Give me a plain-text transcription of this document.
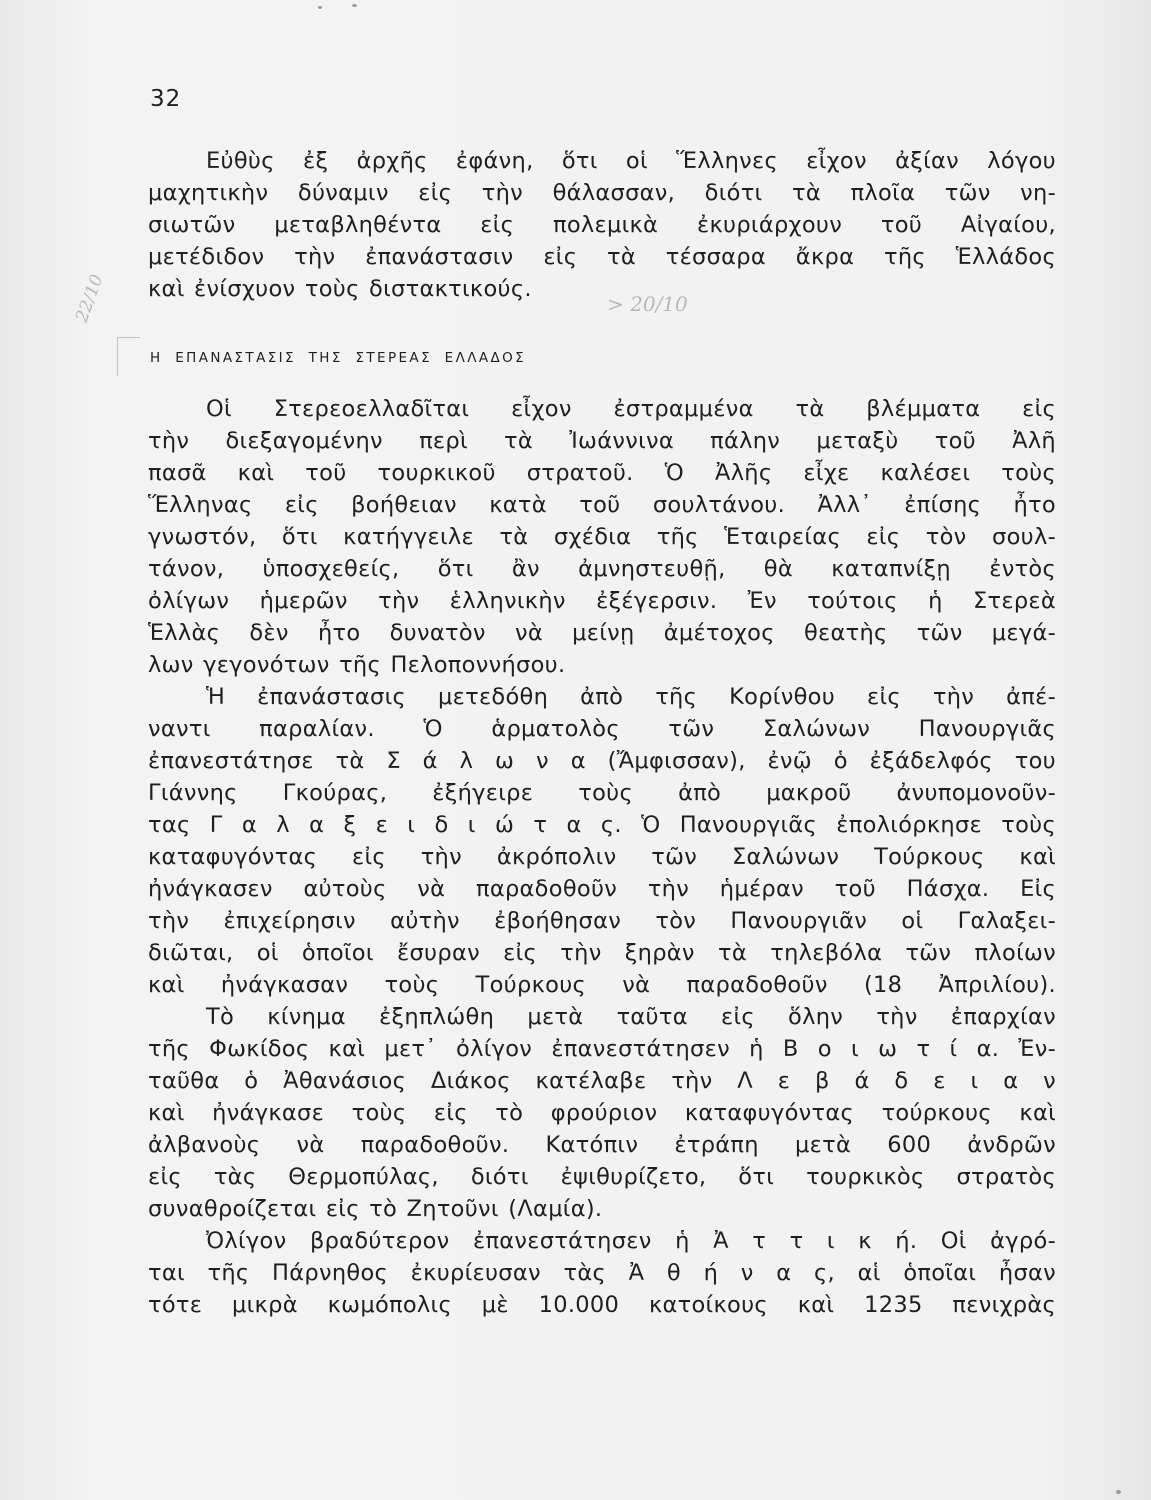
32
Εὐθὺς ἐξ ἀρχῆς ἐφάνη, ὅτι οἱ Ἕλληνες εἶχον ἀξίαν λόγου
μαχητικὴν δύναμιν εἰς τὴν θάλασσαν, διότι τὰ πλοῖα τῶν νη-
σιωτῶν μεταβληθέντα εἰς πολεμικὰ ἐκυριάρχουν τοῦ Αἰγαίου,
μετέδιδον τὴν ἐπανάστασιν εἰς τὰ τέσσαρα ἄκρα τῆς Ἑλλάδος
καὶ ἐνίσχυον τοὺς διστακτικούς.
Η ΕΠΑΝΑΣΤΑΣΙΣ ΤΗΣ ΣΤΕΡΕΑΣ ΕΛΛΑΔΟΣ
Οἱ Στερεοελλαδῖται εἶχον ἐστραμμένα τὰ βλέμματα εἰς
τὴν διεξαγομένην περὶ τὰ Ἰωάννινα πάλην μεταξὺ τοῦ Ἀλῆ
πασᾶ καὶ τοῦ τουρκικοῦ στρατοῦ. Ὁ Ἀλῆς εἶχε καλέσει τοὺς
Ἕλληνας εἰς βοήθειαν κατὰ τοῦ σουλτάνου. Ἀλλ᾽ ἐπίσης ἦτο
γνωστόν, ὅτι κατήγγειλε τὰ σχέδια τῆς Ἑταιρείας εἰς τὸν σουλ-
τάνον, ὑποσχεθείς, ὅτι ἂν ἀμνηστευθῇ, θὰ καταπνίξῃ ἐντὸς
ὀλίγων ἡμερῶν τὴν ἑλληνικὴν ἐξέγερσιν. Ἐν τούτοις ἡ Στερεὰ
Ἑλλὰς δὲν ἦτο δυνατὸν νὰ μείνῃ ἀμέτοχος θεατὴς τῶν μεγά-
λων γεγονότων τῆς Πελοποννήσου.
Ἡ ἐπανάστασις μετεδόθη ἀπὸ τῆς Κορίνθου εἰς τὴν ἀπέ-
ναντι παραλίαν. Ὁ ἁρματολὸς τῶν Σαλώνων Πανουργιᾶς
ἐπανεστάτησε τὰ Σ ά λ ω ν α (Ἄμφισσαν), ἐνῷ ὁ ἐξάδελφός του
Γιάννης Γκούρας, ἐξήγειρε τοὺς ἀπὸ μακροῦ ἀνυπομονοῦν-
τας Γ α λ α ξ ε ι δ ι ώ τ α ς. Ὁ Πανουργιᾶς ἐπολιόρκησε τοὺς
καταφυγόντας εἰς τὴν ἀκρόπολιν τῶν Σαλώνων Τούρκους καὶ
ἠνάγκασεν αὐτοὺς νὰ παραδοθοῦν τὴν ἡμέραν τοῦ Πάσχα. Εἰς
τὴν ἐπιχείρησιν αὐτὴν ἐβοήθησαν τὸν Πανουργιᾶν οἱ Γαλαξει-
διῶται, οἱ ὁποῖοι ἔσυραν εἰς τὴν ξηρὰν τὰ τηλεβόλα τῶν πλοίων
καὶ ἠνάγκασαν τοὺς Τούρκους νὰ παραδοθοῦν (18 Ἀπριλίου).
Τὸ κίνημα ἐξηπλώθη μετὰ ταῦτα εἰς ὅλην τὴν ἐπαρχίαν
τῆς Φωκίδος καὶ μετ᾽ ὀλίγον ἐπανεστάτησεν ἡ Β ο ι ω τ ί α. Ἐν-
ταῦθα ὁ Ἀθανάσιος Διάκος κατέλαβε τὴν Λ ε β ά δ ε ι α ν
καὶ ἠνάγκασε τοὺς εἰς τὸ φρούριον καταφυγόντας τούρκους καὶ
ἀλβανοὺς νὰ παραδοθοῦν. Κατόπιν ἐτράπη μετὰ 600 ἀνδρῶν
εἰς τὰς Θερμοπύλας, διότι ἐψιθυρίζετο, ὅτι τουρκικὸς στρατὸς
συναθροίζεται εἰς τὸ Ζητοῦνι (Λαμία).
Ὀλίγον βραδύτερον ἐπανεστάτησεν ἡ Ἀ τ τ ι κ ή. Οἱ ἀγρό-
ται τῆς Πάρνηθος ἐκυρίευσαν τὰς Ἀ θ ή ν α ς, αἱ ὁποῖαι ἦσαν
τότε μικρὰ κωμόπολις μὲ 10.000 κατοίκους καὶ 1235 πενιχρὰς
22/10	> 20/10
